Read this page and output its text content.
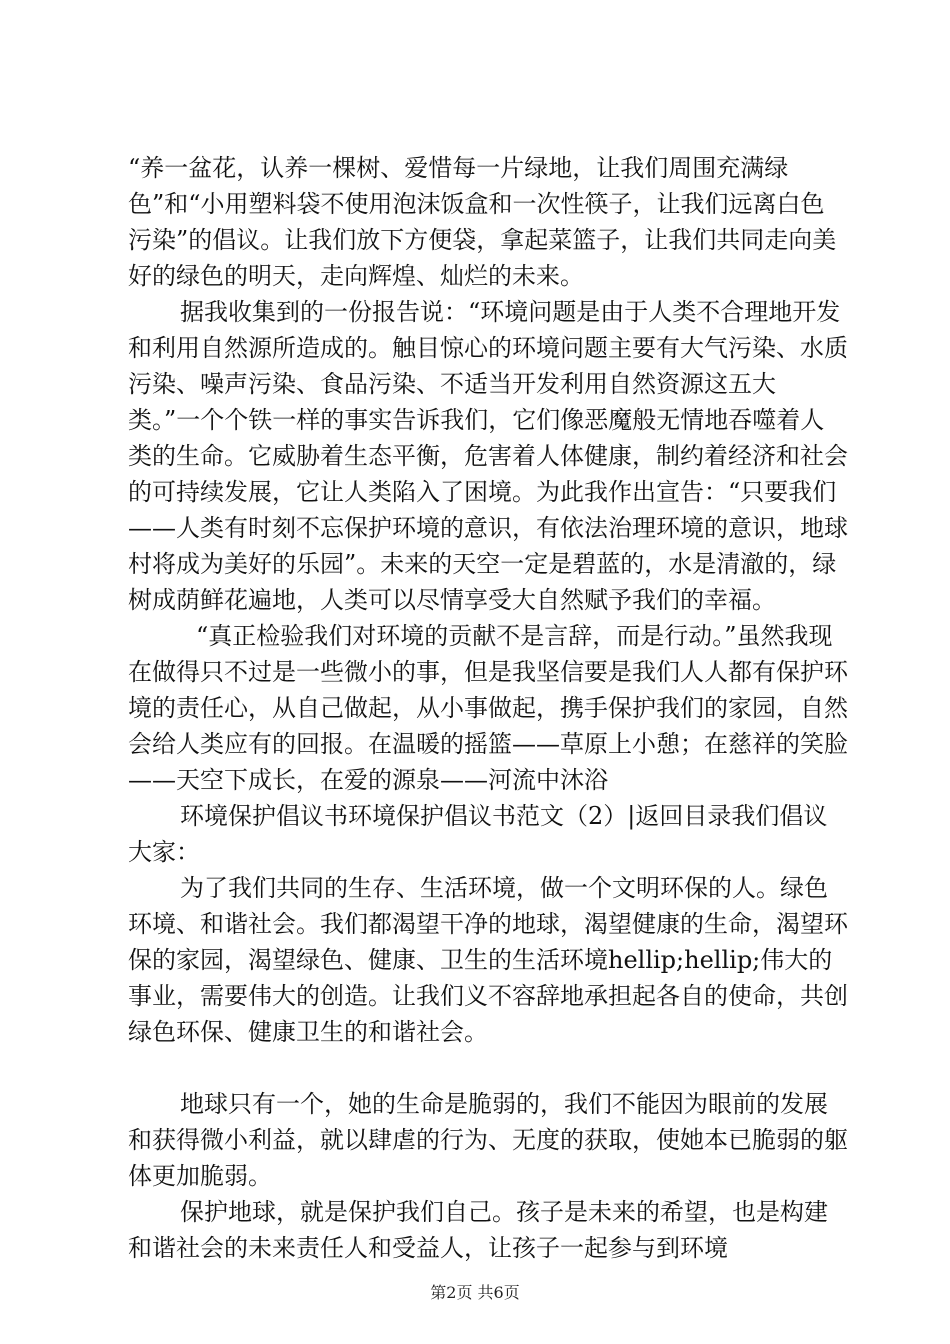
“养一盆花，认养一棵树、爱惜每一片绿地，让我们周围充满绿色”和“小用塑料袋不使用泡沫饭盒和一次性筷子，让我们远离白色污染”的倡议。让我们放下方便袋，拿起菜篮子，让我们共同走向美好的绿色的明天，走向辉煌、灿烂的未来。

据我收集到的一份报告说：“环境问题是由于人类不合理地开发和利用自然源所造成的。触目惊心的环境问题主要有大气污染、水质污染、噪声污染、食品污染、不适当开发利用自然资源这五大类。”一个个铁一样的事实告诉我们，它们像恶魔般无情地吞噬着人类的生命。它威胁着生态平衡，危害着人体健康，制约着经济和社会的可持续发展，它让人类陷入了困境。为此我作出宣告：“只要我们——人类有时刻不忘保护环境的意识，有依法治理环境的意识，地球村将成为美好的乐园”。未来的天空一定是碧蓝的，水是清澈的，绿树成荫鲜花遍地，人类可以尽情享受大自然赋予我们的幸福。

“真正检验我们对环境的贡献不是言辞，而是行动。”虽然我现在做得只不过是一些微小的事，但是我坚信要是我们人人都有保护环境的责任心，从自己做起，从小事做起，携手保护我们的家园，自然会给人类应有的回报。在温暖的摇篮——草原上小憩；在慈祥的笑脸——天空下成长，在爱的源泉——河流中沐浴

环境保护倡议书环境保护倡议书范文（2）|返回目录我们倡议大家：

为了我们共同的生存、生活环境，做一个文明环保的人。绿色环境、和谐社会。我们都渴望干净的地球，渴望健康的生命，渴望环保的家园，渴望绿色、健康、卫生的生活环境hellip;hellip;伟大的事业，需要伟大的创造。让我们义不容辞地承担起各自的使命，共创绿色环保、健康卫生的和谐社会。

地球只有一个，她的生命是脆弱的，我们不能因为眼前的发展和获得微小利益，就以肆虐的行为、无度的获取，使她本已脆弱的躯体更加脆弱。

保护地球，就是保护我们自己。孩子是未来的希望，也是构建和谐社会的未来责任人和受益人，让孩子一起参与到环境

第2页 共6页
